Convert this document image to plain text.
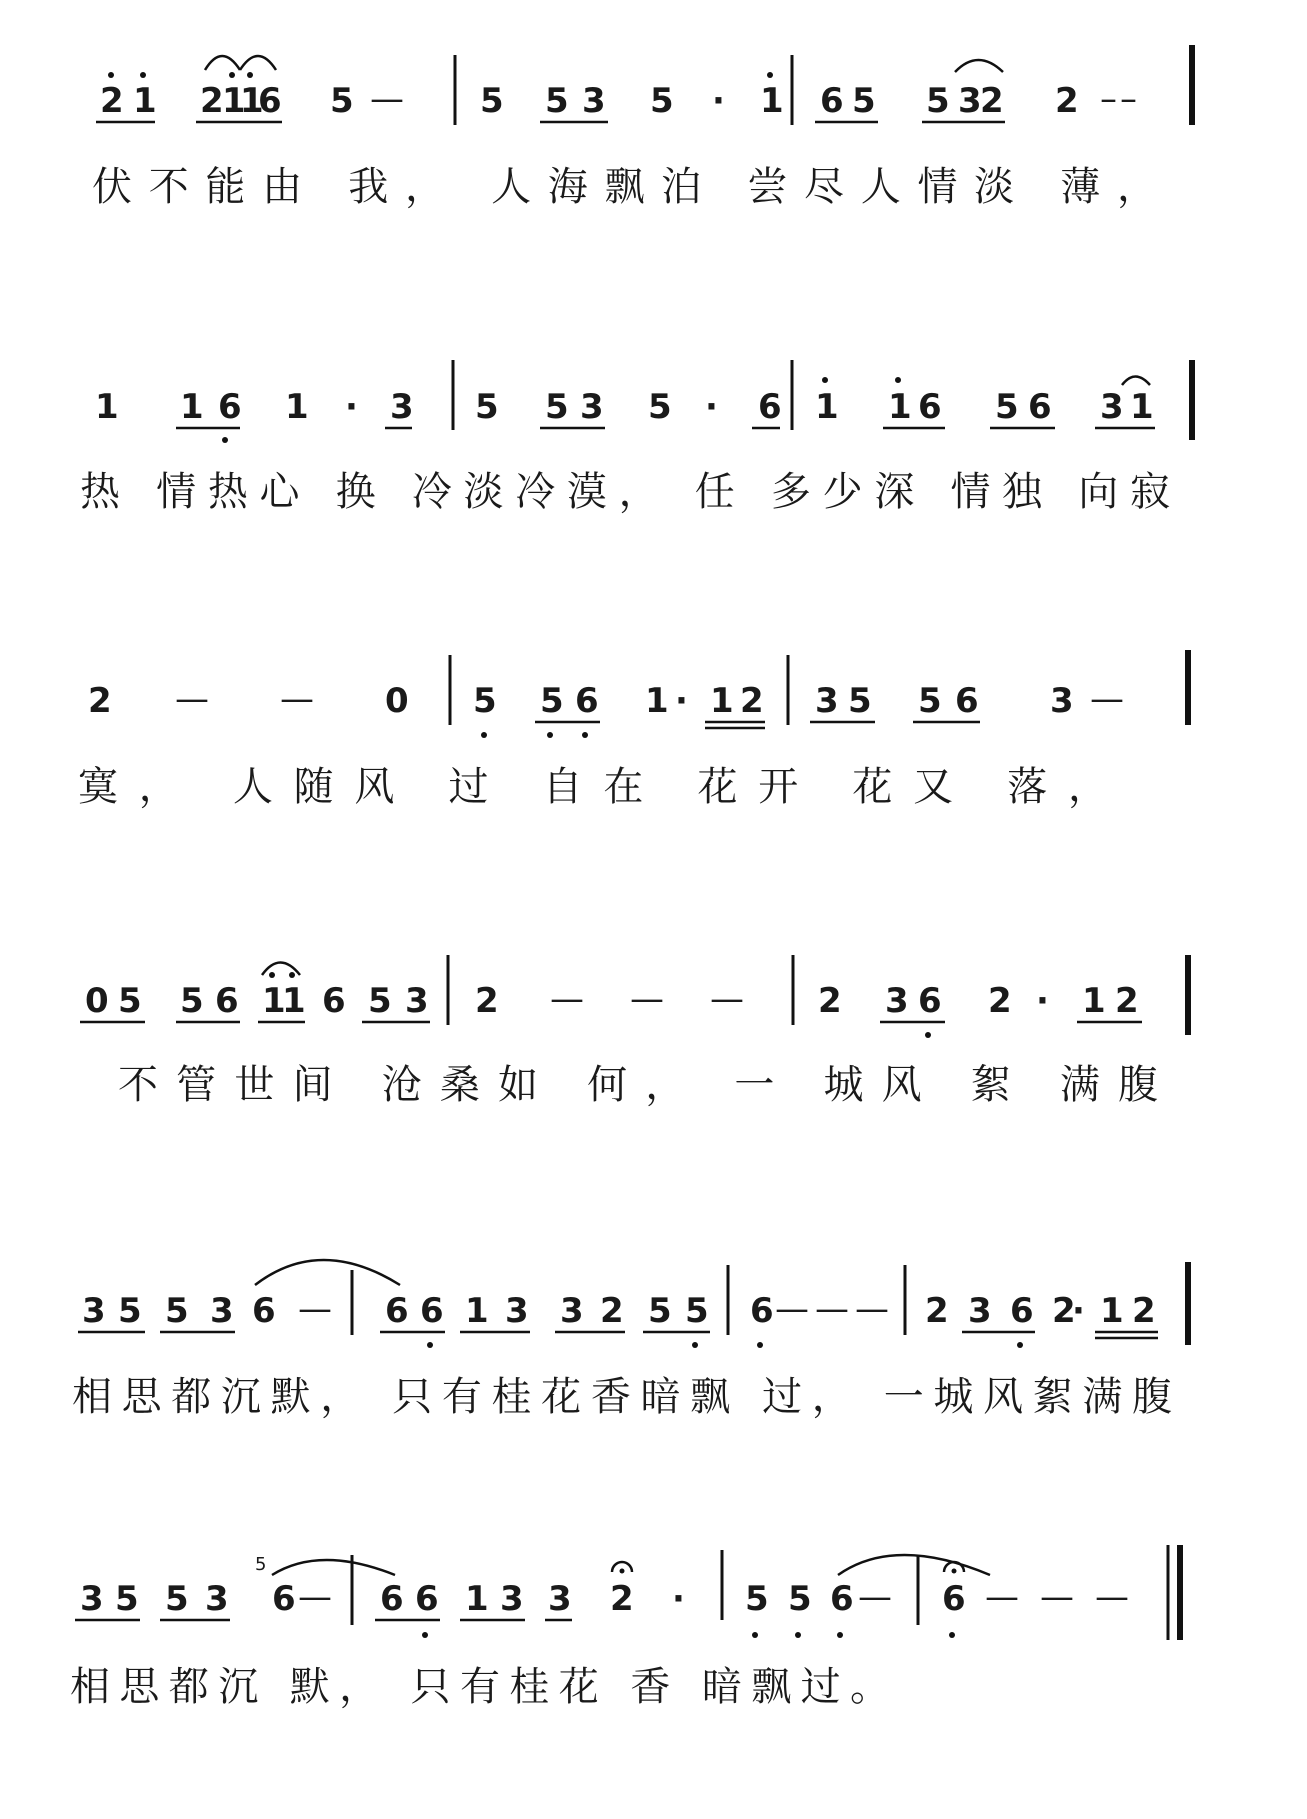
2 1 2
1
1
6 5 — 5 5 3 5 · 1 6 5 5 3
2 2 – –
伏不能由 我， 人海飘泊 尝尽人情淡 薄，
1 1 6 1 · 3 5 5 3 5 · 6 1 1 6 5 6 3 1
热 情热心 换 冷淡冷漠， 任 多少深 情独 向寂
2 — — 0 5 5 6 1 · 1 2 3 5 5 6 3 —
寞， 人随风 过 自在 花开 花又 落，
0 5 5 6 1
1 6 5 3 2 — — — 2 3 6 2 · 1 2
不管世间 沧桑如 何， 一 城风 絮 满腹
3 5 5 3 6 — 6 6 1 3 3 2 5 5 6 — — — 2 3 6 2
· 1 2
相思都沉默， 只有桂花香暗飘 过， 一城风絮满腹
3 5 5 3
5
6 — 6 6 1 3 3 2 · 5 5 6 — 6 — — —
相思都沉 默， 只有桂花 香 暗飘过。
